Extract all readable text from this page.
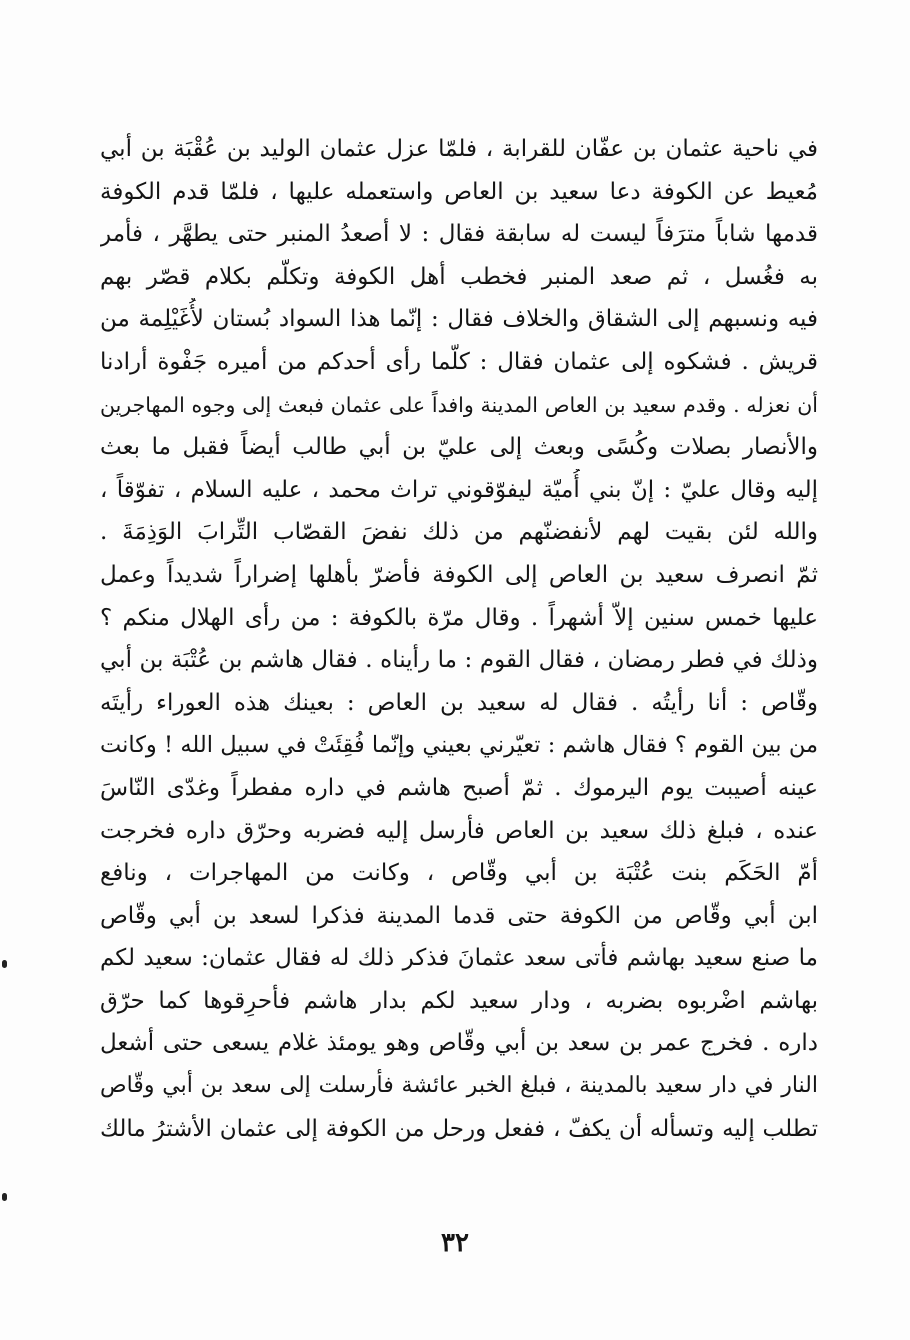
في ناحية عثمان بن عفّان للقرابة ، فلمّا عزل عثمان الوليد بن عُقْبَة بن أبي
مُعيط عن الكوفة دعا سعيد بن العاص واستعمله عليها ، فلمّا قدم الكوفة
قدمها شاباً مترَفاً ليست له سابقة فقال : لا أصعدُ المنبر حتى يطهَّر ، فأمر
به فغُسل ، ثم صعد المنبر فخطب أهل الكوفة وتكلّم بكلام قصّر بهم
فيه ونسبهم إلى الشقاق والخلاف فقال : إنّما هذا السواد بُستان لأُغَيْلِمة من
قريش . فشكوه إلى عثمان فقال : كلّما رأى أحدكم من أميره جَفْوة أرادنا
أن نعزله . وقدم سعيد بن العاص المدينة وافداً على عثمان فبعث إلى وجوه المهاجرين
والأنصار بصلات وكُسًى وبعث إلى عليّ بن أبي طالب أيضاً فقبل ما بعث
إليه وقال عليّ : إنّ بني أُميّة ليفوّقوني تراث محمد ، عليه السلام ، تفوّقاً ،
والله لئن بقيت لهم لأنفضنّهم من ذلك نفضَ القصّاب التِّرابَ الوَذِمَةَ .
ثمّ انصرف سعيد بن العاص إلى الكوفة فأضرّ بأهلها إضراراً شديداً وعمل
عليها خمس سنين إلاّ أشهراً . وقال مرّة بالكوفة : من رأى الهلال منكم ؟
وذلك في فطر رمضان ، فقال القوم : ما رأيناه . فقال هاشم بن عُتْبَة بن أبي
وقّاص : أنا رأيتُه . فقال له سعيد بن العاص : بعينك هذه العوراء رأيتَه
من بين القوم ؟ فقال هاشم : تعيّرني بعيني وإنّما فُقِئَتْ في سبيل الله ! وكانت
عينه أصيبت يوم اليرموك . ثمّ أصبح هاشم في داره مفطراً وغدّى النّاسَ
عنده ، فبلغ ذلك سعيد بن العاص فأرسل إليه فضربه وحرّق داره فخرجت
أمّ الحَكَم بنت عُتْبَة بن أبي وقّاص ، وكانت من المهاجرات ، ونافع
ابن أبي وقّاص من الكوفة حتى قدما المدينة فذكرا لسعد بن أبي وقّاص
ما صنع سعيد بهاشم فأتى سعد عثمانَ فذكر ذلك له فقال عثمان: سعيد لكم
بهاشم اضْربوه بضربه ، ودار سعيد لكم بدار هاشم فأحرِقوها كما حرّق
داره . فخرج عمر بن سعد بن أبي وقّاص وهو يومئذ غلام يسعى حتى أشعل
النار في دار سعيد بالمدينة ، فبلغ الخبر عائشة فأرسلت إلى سعد بن أبي وقّاص
تطلب إليه وتسأله أن يكفّ ، ففعل ورحل من الكوفة إلى عثمان الأشترُ مالك
٣٢
